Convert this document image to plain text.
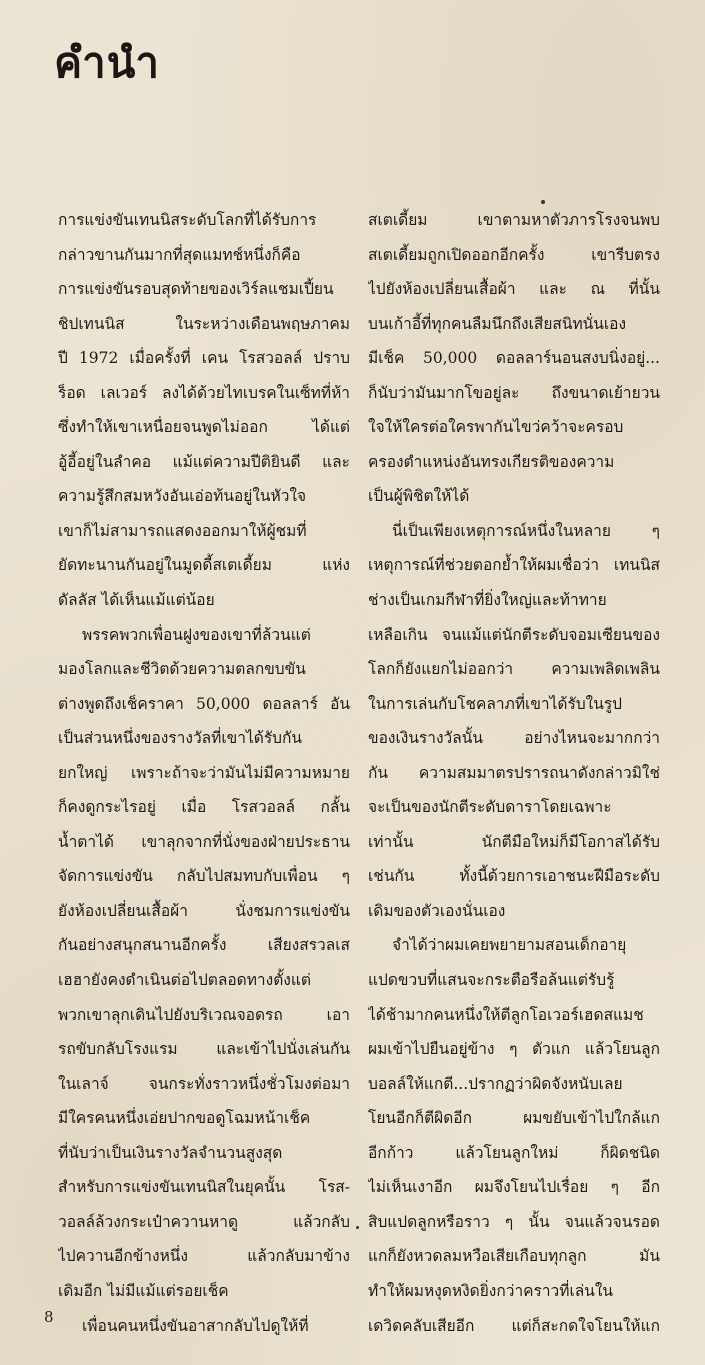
คำนำ
การแข่งขันเทนนิสระดับโลกที่ได้รับการ
กล่าวขานกันมากที่สุดแมทช์หนึ่งก็คือ
การแข่งขันรอบสุดท้ายของเวิร์ลแชมเปี้ยน
ชิปเทนนิส ในระหว่างเดือนพฤษภาคม
ปี 1972 เมื่อครั้งที่ เคน โรสวอลล์ ปราบ
ร็อด เลเวอร์ ลงได้ด้วยไทเบรคในเซ็ทที่ห้า
ซึ่งทำให้เขาเหนื่อยจนพูดไม่ออก ได้แต่
อู้อี้อยู่ในลำคอ แม้แต่ความปีติยินดี และ
ความรู้สึกสมหวังอันเอ่อท้นอยู่ในหัวใจ
เขาก็ไม่สามารถแสดงออกมาให้ผู้ชมที่
ยัดทะนานกันอยู่ในมูดดี้สเตเดี้ยม แห่ง
ดัลลัส ได้เห็นแม้แต่น้อย
พรรคพวกเพื่อนฝูงของเขาที่ล้วนแต่
มองโลกและชีวิตด้วยความตลกขบขัน
ต่างพูดถึงเช็คราคา 50,000 ดอลลาร์ อัน
เป็นส่วนหนึ่งของรางวัลที่เขาได้รับกัน
ยกใหญ่ เพราะถ้าจะว่ามันไม่มีความหมาย
ก็คงดูกระไรอยู่ เมื่อ โรสวอลล์ กลั้น
น้ำตาได้ เขาลุกจากที่นั่งของฝ่ายประธาน
จัดการแข่งขัน กลับไปสมทบกับเพื่อน ๆ
ยังห้องเปลี่ยนเสื้อผ้า นั่งชมการแข่งขัน
กันอย่างสนุกสนานอีกครั้ง เสียงสรวลเส
เฮฮายังคงดำเนินต่อไปตลอดทางตั้งแต่
พวกเขาลุกเดินไปยังบริเวณจอดรถ เอา
รถขับกลับโรงแรม และเข้าไปนั่งเล่นกัน
ในเลาจ์ จนกระทั่งราวหนึ่งชั่วโมงต่อมา
มีใครคนหนึ่งเอ่ยปากขอดูโฉมหน้าเช็ค
ที่นับว่าเป็นเงินรางวัลจำนวนสูงสุด
สำหรับการแข่งขันเทนนิสในยุคนั้น โรส-
วอลล์ล้วงกระเป๋าควานหาดู แล้วกลับ
ไปควานอีกข้างหนึ่ง แล้วกลับมาข้าง
เดิมอีก ไม่มีแม้แต่รอยเช็ค
เพื่อนคนหนึ่งขันอาสากลับไปดูให้ที่
สเตเดี้ยม เขาตามหาตัวภารโรงจนพบ
สเตเดี้ยมถูกเปิดออกอีกครั้ง เขารีบตรง
ไปยังห้องเปลี่ยนเสื้อผ้า และ ณ ที่นั้น
บนเก้าอี้ที่ทุกคนลืมนึกถึงเสียสนิทนั่นเอง
มีเช็ค 50,000 ดอลลาร์นอนสงบนิ่งอยู่...
ก็นับว่ามันมากโขอยู่ละ ถึงขนาดเย้ายวน
ใจให้ใครต่อใครพากันไขว่คว้าจะครอบ
ครองตำแหน่งอันทรงเกียรติของความ
เป็นผู้พิชิตให้ได้
นี่เป็นเพียงเหตุการณ์หนึ่งในหลาย ๆ
เหตุการณ์ที่ช่วยตอกย้ำให้ผมเชื่อว่า เทนนิส
ช่างเป็นเกมกีฬาที่ยิ่งใหญ่และท้าทาย
เหลือเกิน จนแม้แต่นักตีระดับจอมเซียนของ
โลกก็ยังแยกไม่ออกว่า ความเพลิดเพลิน
ในการเล่นกับโชคลาภที่เขาได้รับในรูป
ของเงินรางวัลนั้น อย่างไหนจะมากกว่า
กัน ความสมมาตรปรารถนาดังกล่าวมิใช่
จะเป็นของนักตีระดับดาราโดยเฉพาะ
เท่านั้น นักตีมือใหม่ก็มีโอกาสได้รับ
เช่นกัน ทั้งนี้ด้วยการเอาชนะฝีมือระดับ
เดิมของตัวเองนั่นเอง
จำได้ว่าผมเคยพยายามสอนเด็กอายุ
แปดขวบที่แสนจะกระตือรือล้นแต่รับรู้
ได้ช้ามากคนหนึ่งให้ตีลูกโอเวอร์เฮดสแมช
ผมเข้าไปยืนอยู่ข้าง ๆ ตัวแก แล้วโยนลูก
บอลล์ให้แกตี...ปรากฏว่าผิดจังหนับเลย
โยนอีกก็ตีผิดอีก ผมขยับเข้าไปใกล้แก
อีกก้าว แล้วโยนลูกใหม่ ก็ผิดชนิด
ไม่เห็นเงาอีก ผมจึงโยนไปเรื่อย ๆ อีก
สิบแปดลูกหรือราว ๆ นั้น จนแล้วจนรอด
แกก็ยังหวดลมหวือเสียเกือบทุกลูก มัน
ทำให้ผมหงุดหงิดยิ่งกว่าคราวที่เล่นใน
เดวิดคลับเสียอีก แต่ก็สะกดใจโยนให้แก
8
